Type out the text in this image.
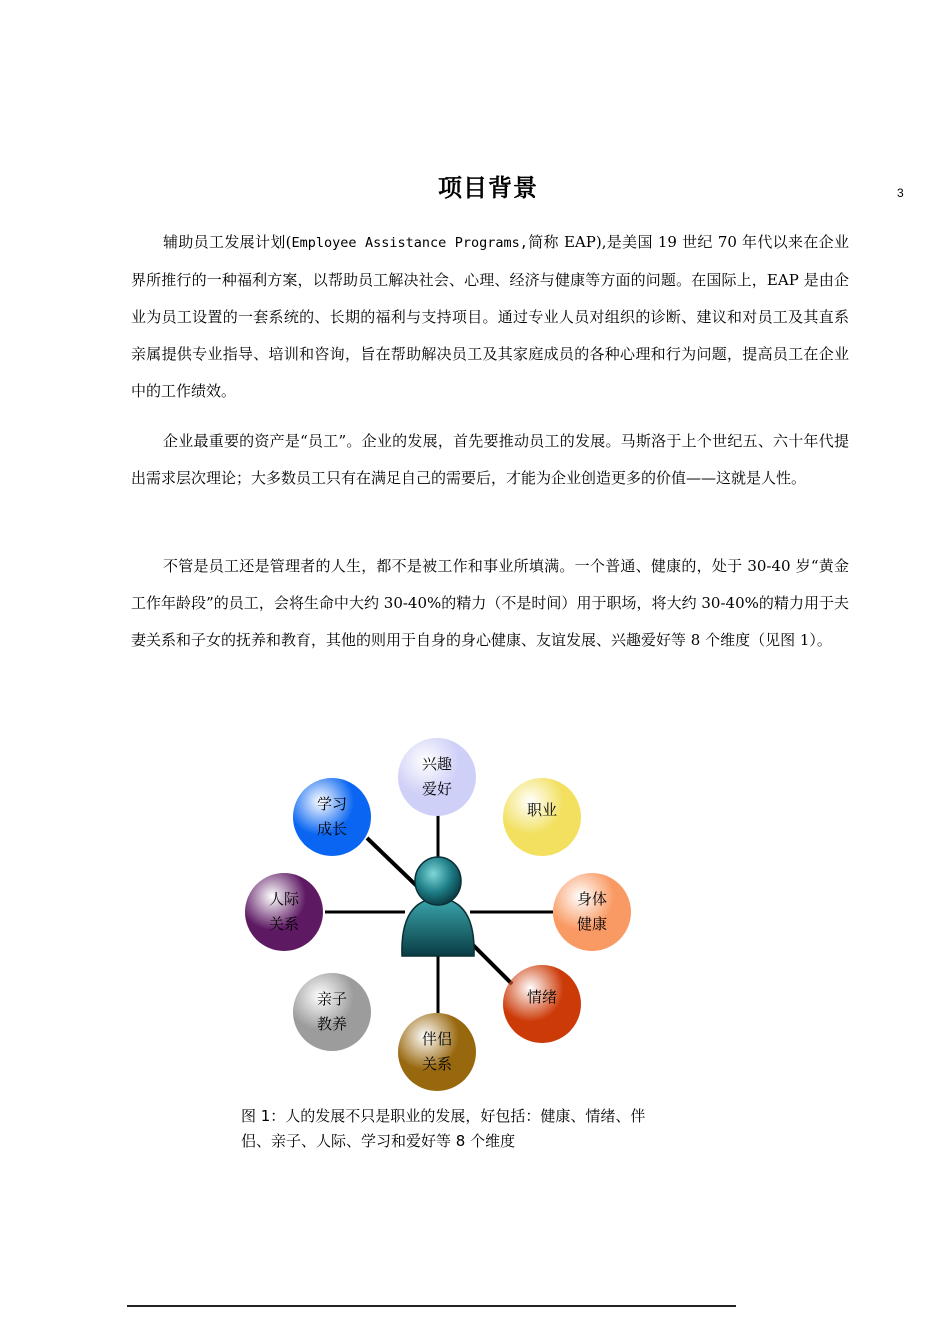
3
项目背景

辅助员工发展计划(Employee Assistance Programs,简称 EAP),是美国 19 世纪 70 年代以来在企业界所推行的一种福利方案，以帮助员工解决社会、心理、经济与健康等方面的问题。在国际上，EAP 是由企业为员工设置的一套系统的、长期的福利与支持项目。通过专业人员对组织的诊断、建议和对员工及其直系亲属提供专业指导、培训和咨询，旨在帮助解决员工及其家庭成员的各种心理和行为问题，提高员工在企业中的工作绩效。

企业最重要的资产是“员工”。企业的发展，首先要推动员工的发展。马斯洛于上个世纪五、六十年代提出需求层次理论；大多数员工只有在满足自己的需要后，才能为企业创造更多的价值——这就是人性。

不管是员工还是管理者的人生，都不是被工作和事业所填满。一个普通、健康的，处于 30-40 岁“黄金工作年龄段”的员工，会将生命中大约 30-40%的精力（不是时间）用于职场，将大约 30-40%的精力用于夫妻关系和子女的抚养和教育，其他的则用于自身的身心健康、友谊发展、兴趣爱好等 8 个维度（见图 1）。

兴趣
爱好
职业
身体
健康
情绪
伴侣
关系
亲子
教养
人际
关系
学习
成长
图 1：人的发展不只是职业的发展，好包括：健康、情绪、伴侣、亲子、人际、学习和爱好等 8 个维度
